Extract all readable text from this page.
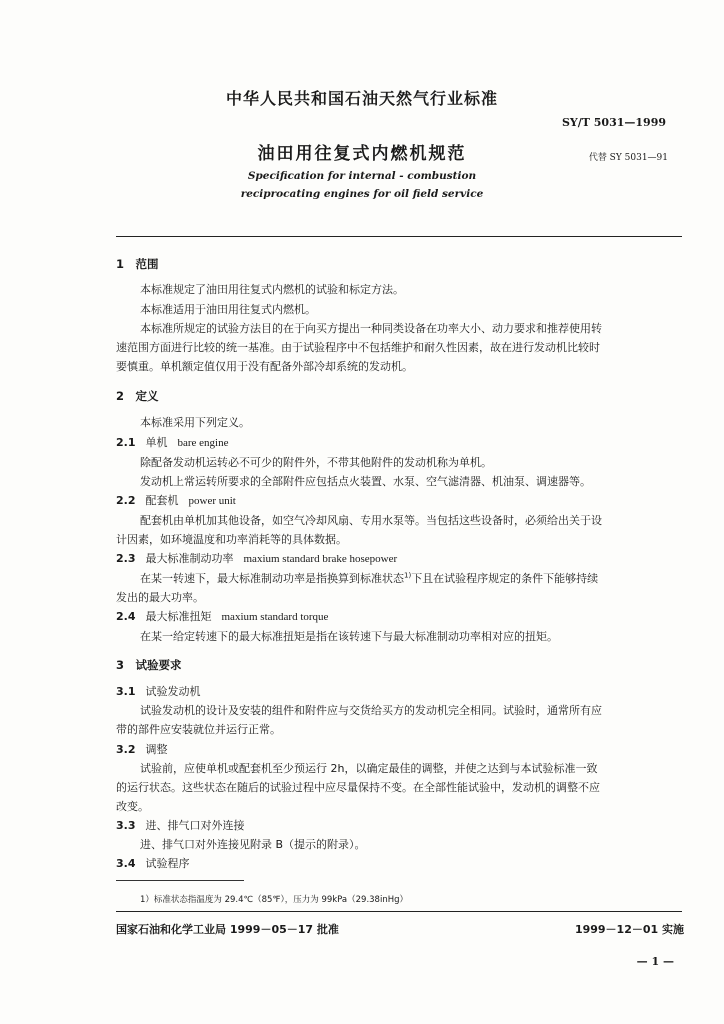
中华人民共和国石油天然气行业标准
SY/T 5031—1999
油田用往复式内燃机规范	代替 SY 5031—91
Specification for internal - combustion
reciprocating engines for oil field service
1　范围
本标准规定了油田用往复式内燃机的试验和标定方法。
本标准适用于油田用往复式内燃机。
本标准所规定的试验方法目的在于向买方提出一种同类设备在功率大小、动力要求和推荐使用转
速范围方面进行比较的统一基准。由于试验程序中不包括维护和耐久性因素，故在进行发动机比较时
要慎重。单机额定值仅用于没有配备外部冷却系统的发动机。
2　定义
本标准采用下列定义。
2.1 单机 bare engine
除配备发动机运转必不可少的附件外，不带其他附件的发动机称为单机。
发动机上常运转所要求的全部附件应包括点火装置、水泵、空气滤清器、机油泵、调速器等。
2.2 配套机 power unit
配套机由单机加其他设备，如空气冷却风扇、专用水泵等。当包括这些设备时，必须给出关于设
计因素，如环境温度和功率消耗等的具体数据。
2.3 最大标准制动功率 maxium standard brake hosepower
在某一转速下，最大标准制动功率是指换算到标准状态$^{1)}$下且在试验程序规定的条件下能够持续
发出的最大功率。
2.4 最大标准扭矩 maxium standard torque
在某一给定转速下的最大标准扭矩是指在该转速下与最大标准制动功率相对应的扭矩。
3　试验要求
3.1 试验发动机
试验发动机的设计及安装的组件和附件应与交货给买方的发动机完全相同。试验时，通常所有应
带的部件应安装就位并运行正常。
3.2 调整
试验前，应使单机或配套机至少预运行 2h，以确定最佳的调整，并使之达到与本试验标准一致
的运行状态。这些状态在随后的试验过程中应尽量保持不变。在全部性能试验中，发动机的调整不应
改变。
3.3 进、排气口对外连接
进、排气口对外连接见附录 B（提示的附录）。
3.4 试验程序
1）标准状态指温度为 29.4℃（85℉），压力为 99kPa（29.38inHg）
国家石油和化学工业局 1999－05－17 批准	1999－12－01 实施
— 1 —
